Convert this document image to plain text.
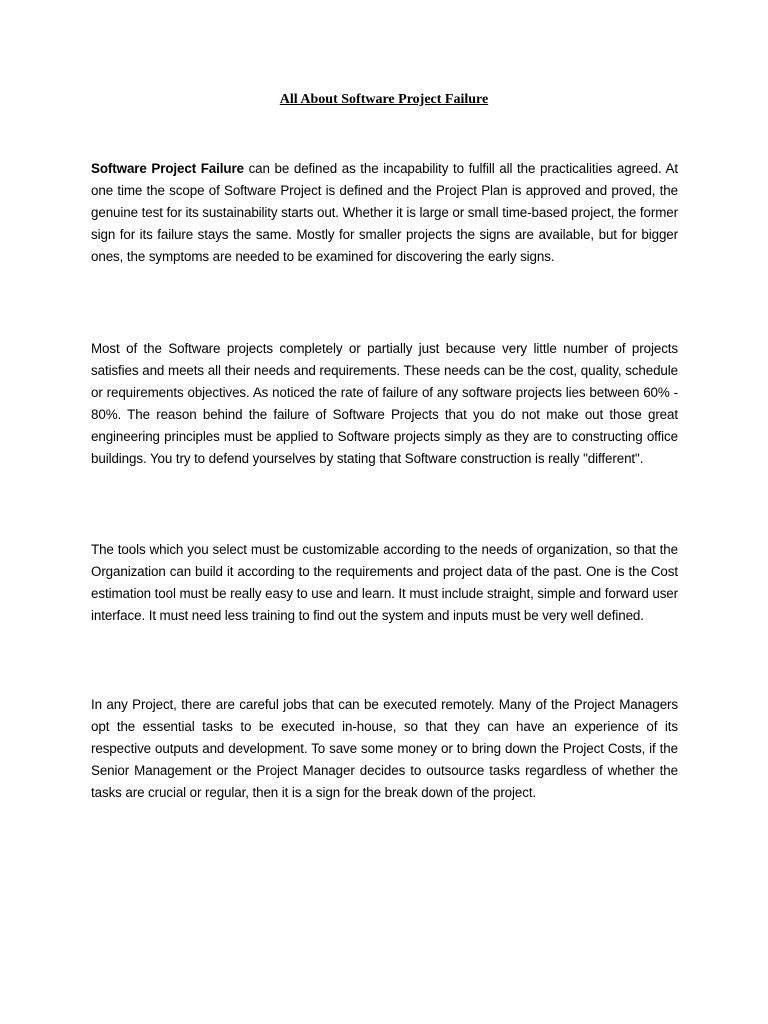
All About Software Project Failure

Software Project Failure can be defined as the incapability to fulfill all the practicalities agreed. At one time the scope of Software Project is defined and the Project Plan is approved and proved, the genuine test for its sustainability starts out. Whether it is large or small time-based project, the former sign for its failure stays the same. Mostly for smaller projects the signs are available, but for bigger ones, the symptoms are needed to be examined for discovering the early signs.

Most of the Software projects completely or partially just because very little number of projects satisfies and meets all their needs and requirements. These needs can be the cost, quality, schedule or requirements objectives. As noticed the rate of failure of any software projects lies between 60% - 80%. The reason behind the failure of Software Projects that you do not make out those great engineering principles must be applied to Software projects simply as they are to constructing office buildings. You try to defend yourselves by stating that Software construction is really "different".

The tools which you select must be customizable according to the needs of organization, so that the Organization can build it according to the requirements and project data of the past. One is the Cost estimation tool must be really easy to use and learn. It must include straight, simple and forward user interface. It must need less training to find out the system and inputs must be very well defined.

In any Project, there are careful jobs that can be executed remotely. Many of the Project Managers opt the essential tasks to be executed in-house, so that they can have an experience of its respective outputs and development. To save some money or to bring down the Project Costs, if the Senior Management or the Project Manager decides to outsource tasks regardless of whether the tasks are crucial or regular, then it is a sign for the break down of the project.
